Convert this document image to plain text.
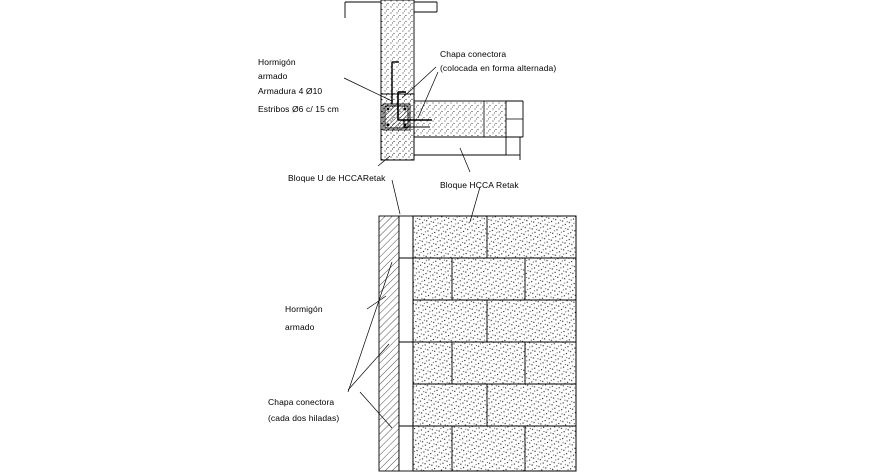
Hormigón
armado
Armadura 4 Ø10
Estribos Ø6 c/ 15 cm
Chapa conectora
(colocada en forma alternada)
Bloque U de HCCARetak
Bloque HCCA Retak
Hormigón
armado
Chapa conectora
(cada dos hiladas)
